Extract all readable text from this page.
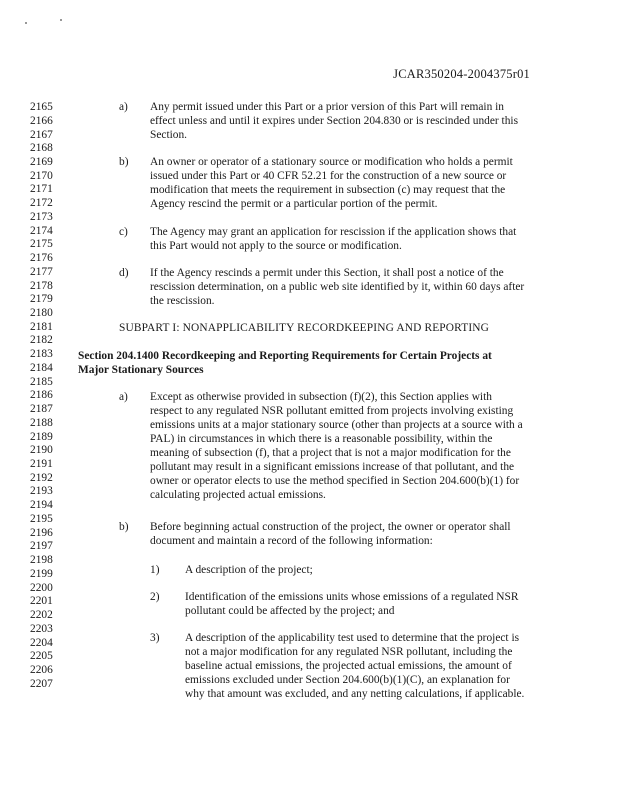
JCAR350204-2004375r01
2165
2166
2167
2168
2169
2170
2171
2172
2173
2174
2175
2176
2177
2178
2179
2180
2181
2182
2183
2184
2185
2186
2187
2188
2189
2190
2191
2192
2193
2194
2195
2196
2197
2198
2199
2200
2201
2202
2203
2204
2205
2206
2207
a) Any permit issued under this Part or a prior version of this Part will remain in
effect unless and until it expires under Section 204.830 or is rescinded under this
Section.
b) An owner or operator of a stationary source or modification who holds a permit
issued under this Part or 40 CFR 52.21 for the construction of a new source or
modification that meets the requirement in subsection (c) may request that the
Agency rescind the permit or a particular portion of the permit.
c) The Agency may grant an application for rescission if the application shows that
this Part would not apply to the source or modification.
d) If the Agency rescinds a permit under this Section, it shall post a notice of the
rescission determination, on a public web site identified by it, within 60 days after
the rescission.
SUBPART I: NONAPPLICABILITY RECORDKEEPING AND REPORTING
Section 204.1400 Recordkeeping and Reporting Requirements for Certain Projects at
Major Stationary Sources
a) Except as otherwise provided in subsection (f)(2), this Section applies with
respect to any regulated NSR pollutant emitted from projects involving existing
emissions units at a major stationary source (other than projects at a source with a
PAL) in circumstances in which there is a reasonable possibility, within the
meaning of subsection (f), that a project that is not a major modification for the
pollutant may result in a significant emissions increase of that pollutant, and the
owner or operator elects to use the method specified in Section 204.600(b)(1) for
calculating projected actual emissions.
b) Before beginning actual construction of the project, the owner or operator shall
document and maintain a record of the following information:
1) A description of the project;
2) Identification of the emissions units whose emissions of a regulated NSR
pollutant could be affected by the project; and
3) A description of the applicability test used to determine that the project is
not a major modification for any regulated NSR pollutant, including the
baseline actual emissions, the projected actual emissions, the amount of
emissions excluded under Section 204.600(b)(1)(C), an explanation for
why that amount was excluded, and any netting calculations, if applicable.
